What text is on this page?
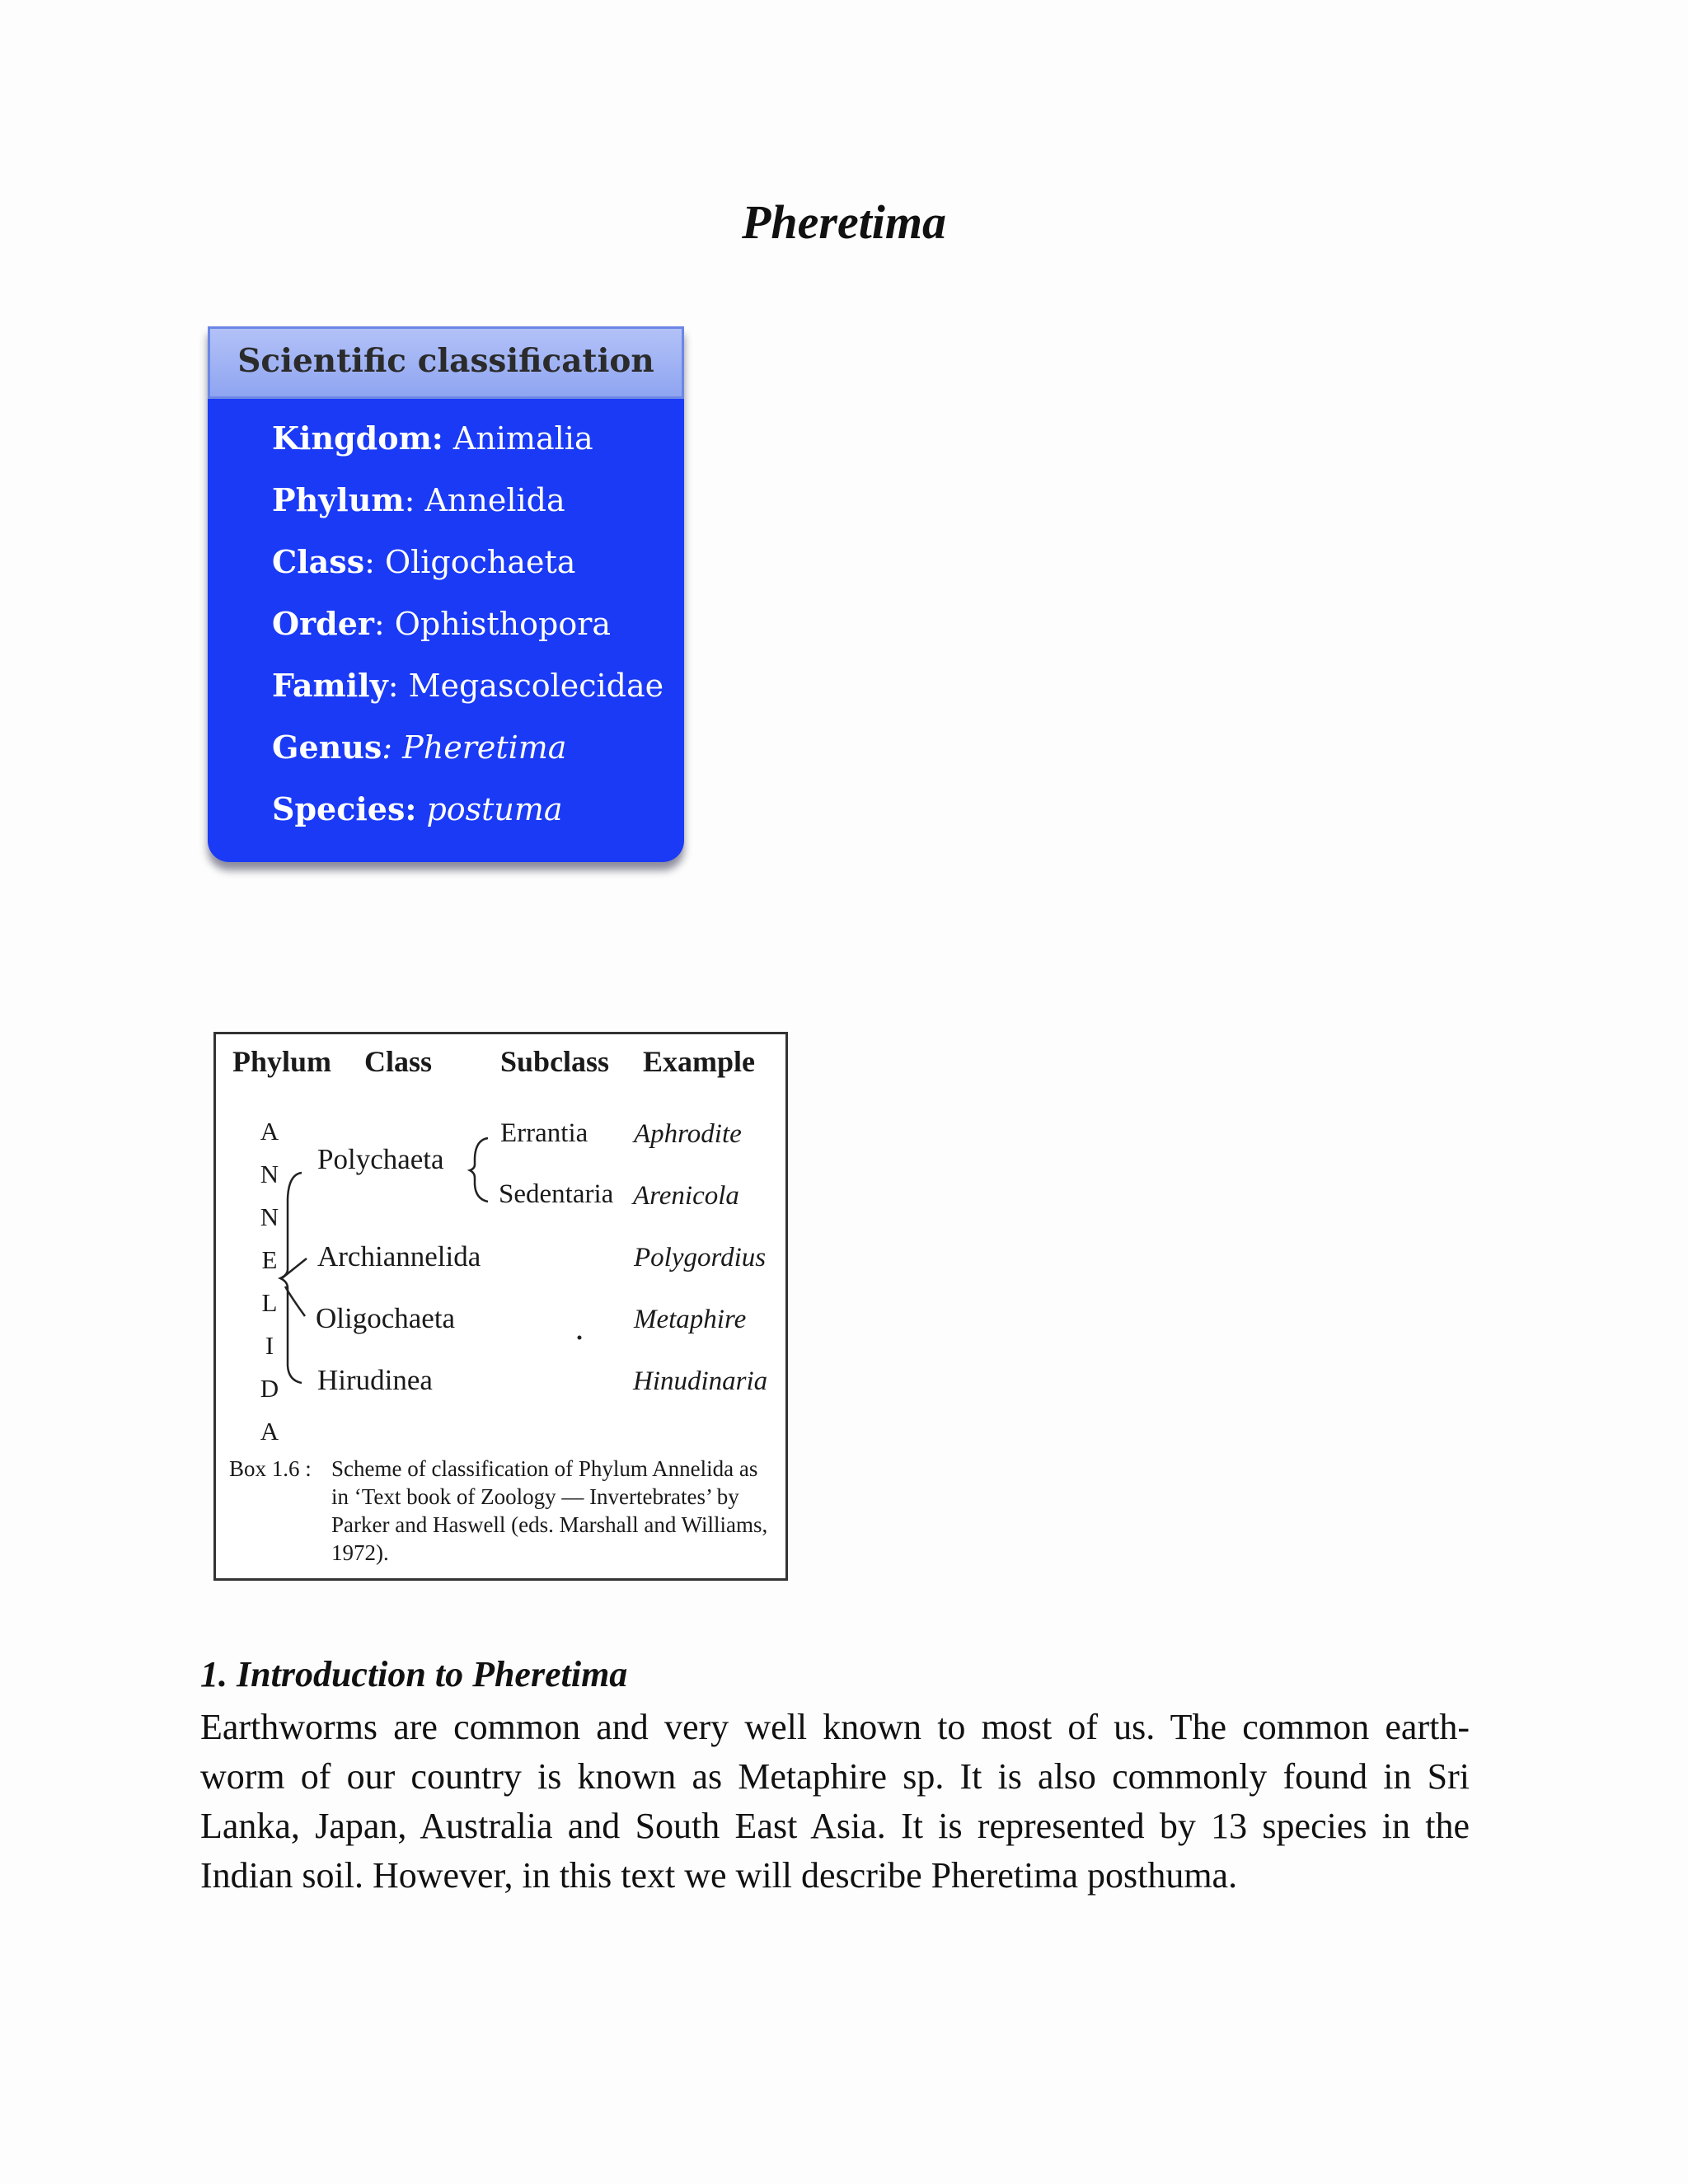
Pheretima
Scientific classification
Kingdom: Animalia
Phylum: Annelida
Class: Oligochaeta
Order: Ophisthopora
Family: Megascolecidae
Genus: Pheretima
Species: postuma
Phylum Class Subclass Example
A
N
N
E
L
I
D
A
Polychaeta
Archiannelida
Oligochaeta
Hirudinea
Errantia
Sedentaria
Aphrodite
Arenicola
Polygordius
Metaphire
Hinudinaria
Box 1.6 : Scheme of classification of Phylum Annelida as in ‘Text book of Zoology — Invertebrates’ by Parker and Haswell (eds. Marshall and Williams, 1972).
1. Introduction to Pheretima
Earthworms are common and very well known to most of us. The common earth-
worm of our country is known as Metaphire sp. It is also commonly found in Sri
Lanka, Japan, Australia and South East Asia. It is represented by 13 species in the
Indian soil. However, in this text we will describe Pheretima posthuma.
